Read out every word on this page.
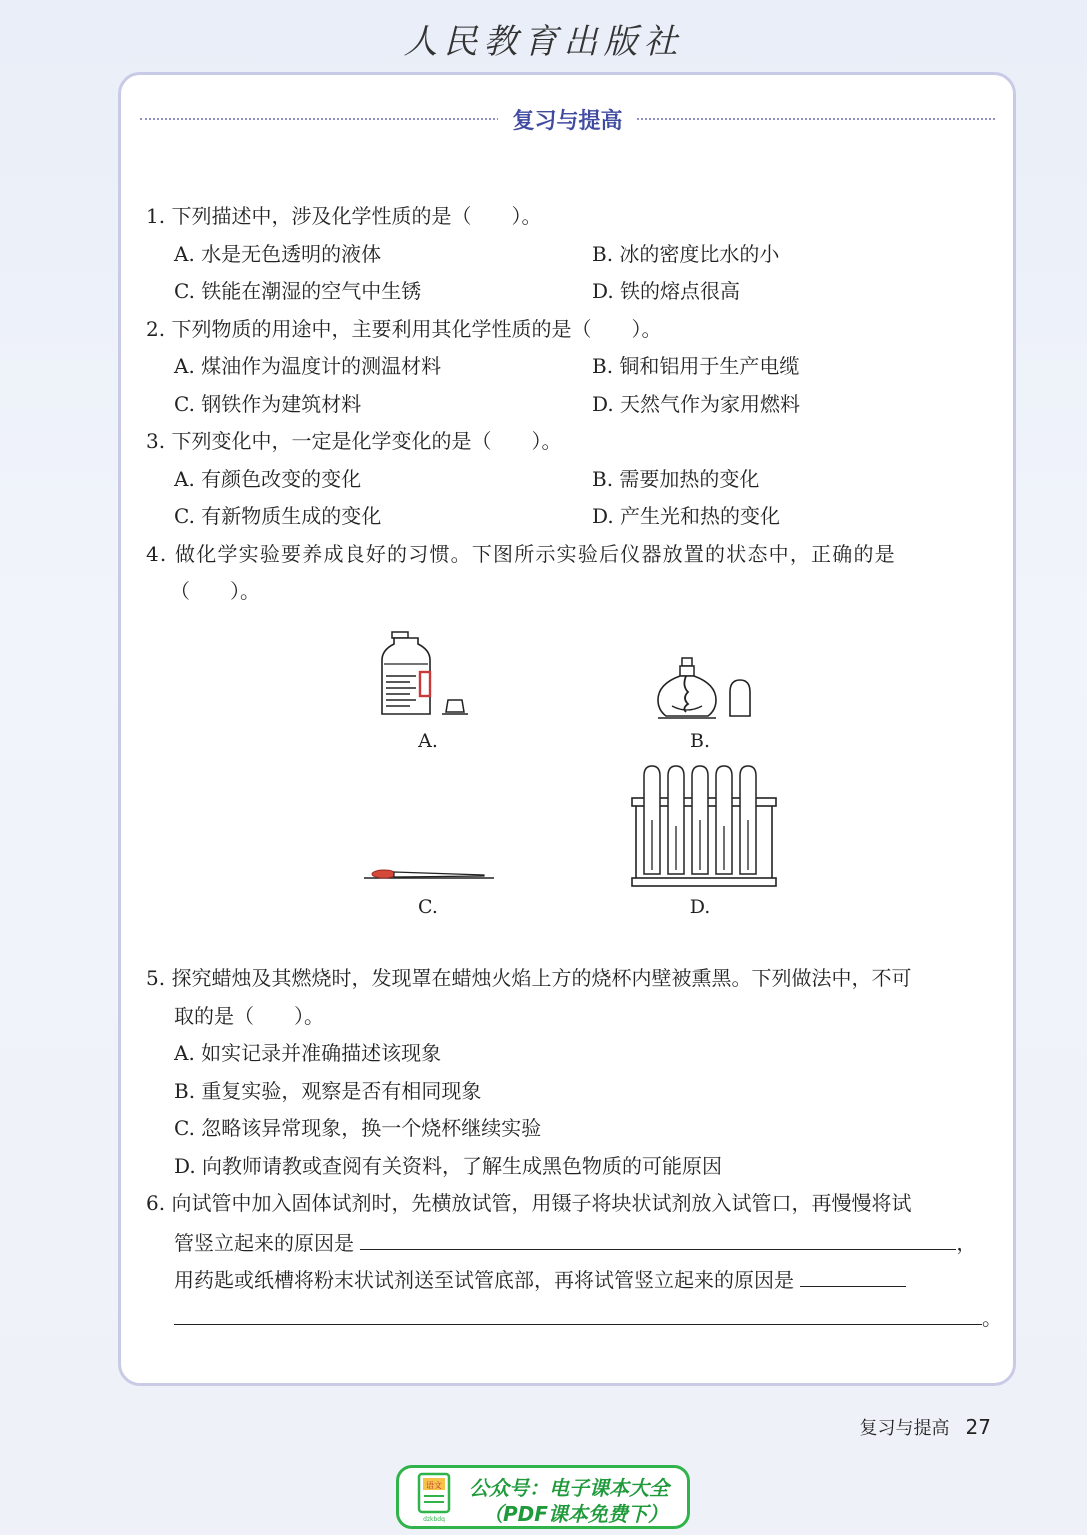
人民教育出版社
复习与提高
1. 下列描述中，涉及化学性质的是（　　）。
A. 水是无色透明的液体	B. 冰的密度比水的小
C. 铁能在潮湿的空气中生锈	D. 铁的熔点很高
2. 下列物质的用途中，主要利用其化学性质的是（　　）。
A. 煤油作为温度计的测温材料	B. 铜和铝用于生产电缆
C. 钢铁作为建筑材料	D. 天然气作为家用燃料
3. 下列变化中，一定是化学变化的是（　　）。
A. 有颜色改变的变化	B. 需要加热的变化
C. 有新物质生成的变化	D. 产生光和热的变化
4. 做化学实验要养成良好的习惯。下图所示实验后仪器放置的状态中，正确的是
（　　）。
A.	B.
C.	D.
5. 探究蜡烛及其燃烧时，发现罩在蜡烛火焰上方的烧杯内壁被熏黑。下列做法中，不可
取的是（　　）。
A. 如实记录并准确描述该现象
B. 重复实验，观察是否有相同现象
C. 忽略该异常现象，换一个烧杯继续实验
D. 向教师请教或查阅有关资料，了解生成黑色物质的可能原因
6. 向试管中加入固体试剂时，先横放试管，用镊子将块状试剂放入试管口，再慢慢将试
管竖立起来的原因是	，
用药匙或纸槽将粉末状试剂送至试管底部，再将试管竖立起来的原因是
。
复习与提高 27
语文
dzkbdq
公众号：电子课本大全
（PDF课本免费下）
